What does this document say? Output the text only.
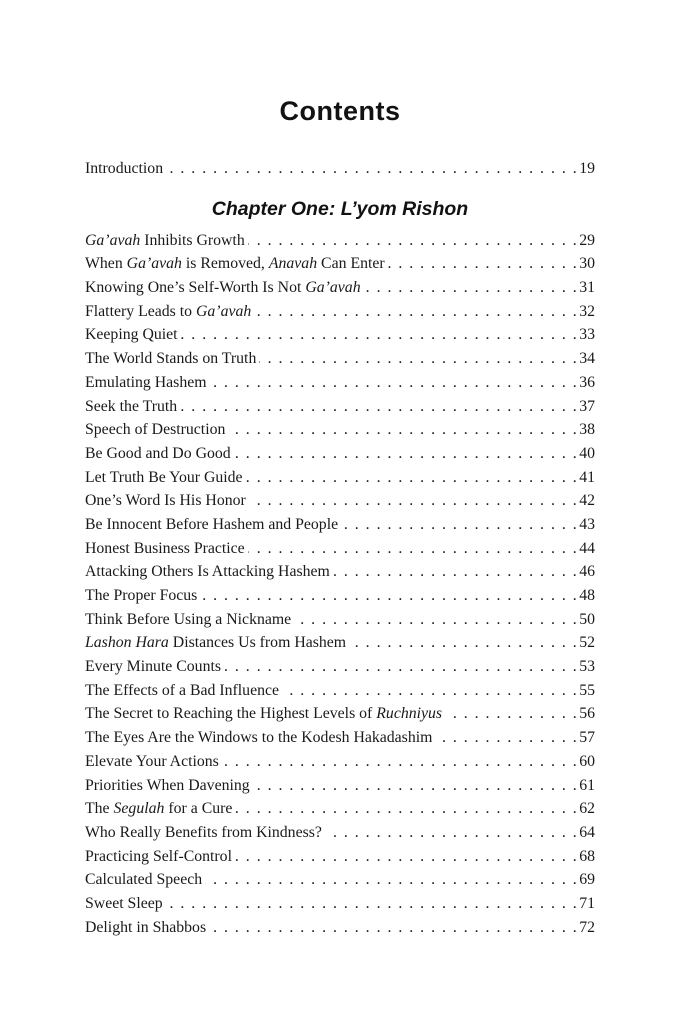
Contents
Introduction . . .	19
Chapter One: L’yom Rishon
Ga’avah Inhibits Growth . . .	29
When Ga’avah is Removed, Anavah Can Enter . . .	30
Knowing One’s Self-Worth Is Not Ga’avah . . .	31
Flattery Leads to Ga’avah . . .	32
Keeping Quiet . . .	33
The World Stands on Truth . . .	34
Emulating Hashem . . .	36
Seek the Truth . . .	37
Speech of Destruction . . .	38
Be Good and Do Good . . .	40
Let Truth Be Your Guide . . .	41
One’s Word Is His Honor . . .	42
Be Innocent Before Hashem and People . . .	43
Honest Business Practice . . .	44
Attacking Others Is Attacking Hashem . . .	46
The Proper Focus . . .	48
Think Before Using a Nickname . . .	50
Lashon Hara Distances Us from Hashem . . .	52
Every Minute Counts . . .	53
The Effects of a Bad Influence . . .	55
The Secret to Reaching the Highest Levels of Ruchniyus . . .	56
The Eyes Are the Windows to the Kodesh Hakadashim . . .	57
Elevate Your Actions . . .	60
Priorities When Davening . . .	61
The Segulah for a Cure . . .	62
Who Really Benefits from Kindness? . . .	64
Practicing Self-Control . . .	68
Calculated Speech . . .	69
Sweet Sleep . . .	71
Delight in Shabbos . . .	72
